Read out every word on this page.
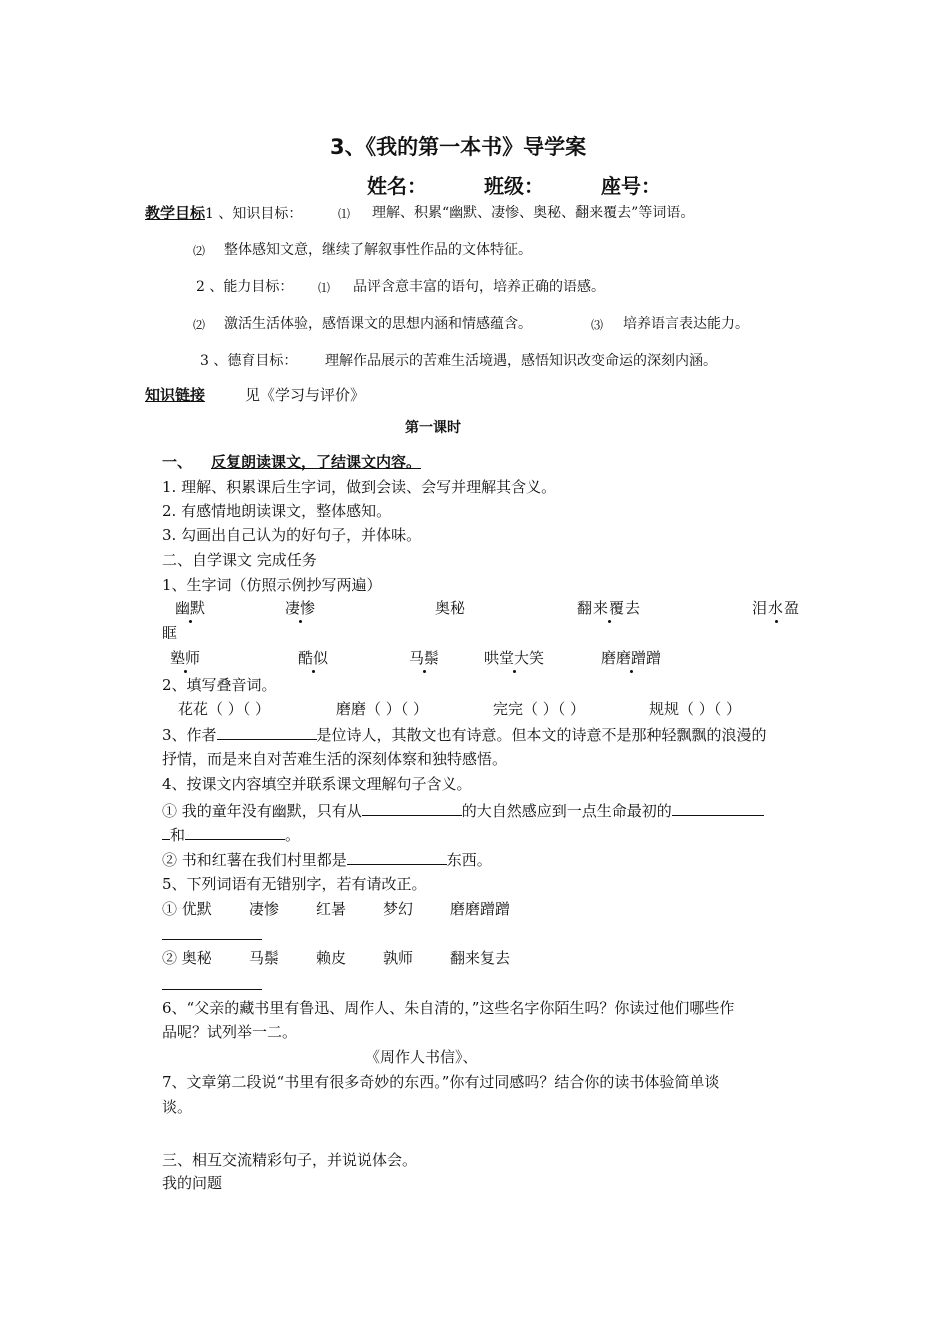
3、《我的第一本书》导学案
姓名：	班级：	座号：
教学目标1 、知识目标：	⑴ 理解、积累“幽默、凄惨、奥秘、翻来覆去”等词语。
⑵ 整体感知文意，继续了解叙事性作品的文体特征。
2 、能力目标： ⑴ 品评含意丰富的语句，培养正确的语感。
⑵ 激活生活体验，感悟课文的思想内涵和情感蕴含。	⑶ 培养语言表达能力。
3 、德育目标： 理解作品展示的苦难生活境遇，感悟知识改变命运的深刻内涵。
知识链接	见《学习与评价》
第一课时
一、 反复朗读课文，了结课文内容。
1. 理解、积累课后生字词，做到会读、会写并理解其含义。
2. 有感情地朗读课文，整体感知。
3. 勾画出自己认为的好句子，并体味。
二、自学课文 完成任务
1、生字词（仿照示例抄写两遍）
幽默	凄惨	奥秘	翻来覆去	泪水盈
眶
塾师	酷似	马鬃	哄堂大笑	磨磨蹭蹭
2、填写叠音词。
花花（ ）（ ）	磨磨（ ）（ ）	完完（ ）（ ）	规规（ ）（ ）
3、作者	是位诗人，其散文也有诗意。但本文的诗意不是那种轻飘飘的浪漫的
抒情，而是来自对苦难生活的深刻体察和独特感悟。
4、按课文内容填空并联系课文理解句子含义。
① 我的童年没有幽默，只有从	的大自然感应到一点生命最初的
和	。
② 书和红薯在我们村里都是	东西。
5、下列词语有无错别字，若有请改正。
① 优默 凄惨 红暑 梦幻 磨磨蹭蹭
② 奥秘 马鬃 赖皮 孰师 翻来复去
6、“父亲的藏书里有鲁迅、周作人、朱自清的，”这些名字你陌生吗？你读过他们哪些作
品呢？试列举一二。
《周作人书信》、
7、文章第二段说“书里有很多奇妙的东西。”你有过同感吗？结合你的读书体验简单谈
谈。
三、相互交流精彩句子，并说说体会。
我的问题
